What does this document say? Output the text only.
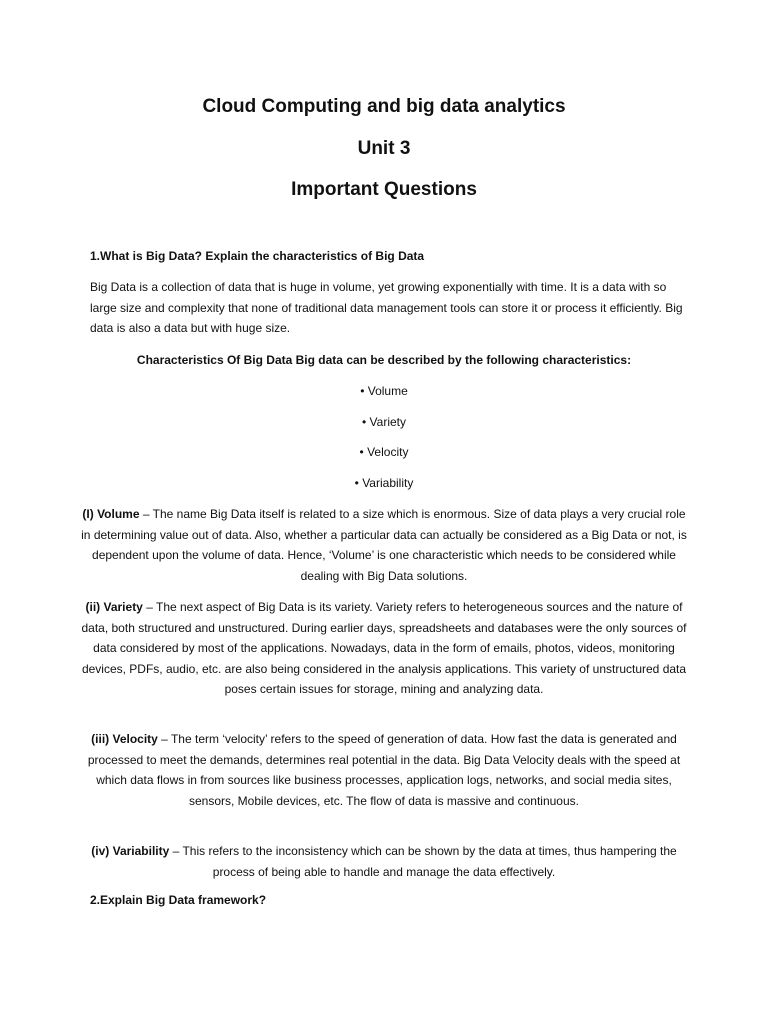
Cloud Computing and big data analytics
Unit 3
Important Questions

1.What is Big Data? Explain the characteristics of Big Data

Big Data is a collection of data that is huge in volume, yet growing exponentially with time. It is a data with so large size and complexity that none of traditional data management tools can store it or process it efficiently. Big data is also a data but with huge size.

Characteristics Of Big Data Big data can be described by the following characteristics:

• Volume
• Variety
• Velocity
• Variability

(I) Volume – The name Big Data itself is related to a size which is enormous. Size of data plays a very crucial role in determining value out of data. Also, whether a particular data can actually be considered as a Big Data or not, is dependent upon the volume of data. Hence, ‘Volume’ is one characteristic which needs to be considered while dealing with Big Data solutions.

(ii) Variety – The next aspect of Big Data is its variety. Variety refers to heterogeneous sources and the nature of data, both structured and unstructured. During earlier days, spreadsheets and databases were the only sources of data considered by most of the applications. Nowadays, data in the form of emails, photos, videos, monitoring devices, PDFs, audio, etc. are also being considered in the analysis applications. This variety of unstructured data poses certain issues for storage, mining and analyzing data.

(iii) Velocity – The term ‘velocity’ refers to the speed of generation of data. How fast the data is generated and processed to meet the demands, determines real potential in the data. Big Data Velocity deals with the speed at which data flows in from sources like business processes, application logs, networks, and social media sites, sensors, Mobile devices, etc. The flow of data is massive and continuous.

(iv) Variability – This refers to the inconsistency which can be shown by the data at times, thus hampering the process of being able to handle and manage the data effectively.

2.Explain Big Data framework?
